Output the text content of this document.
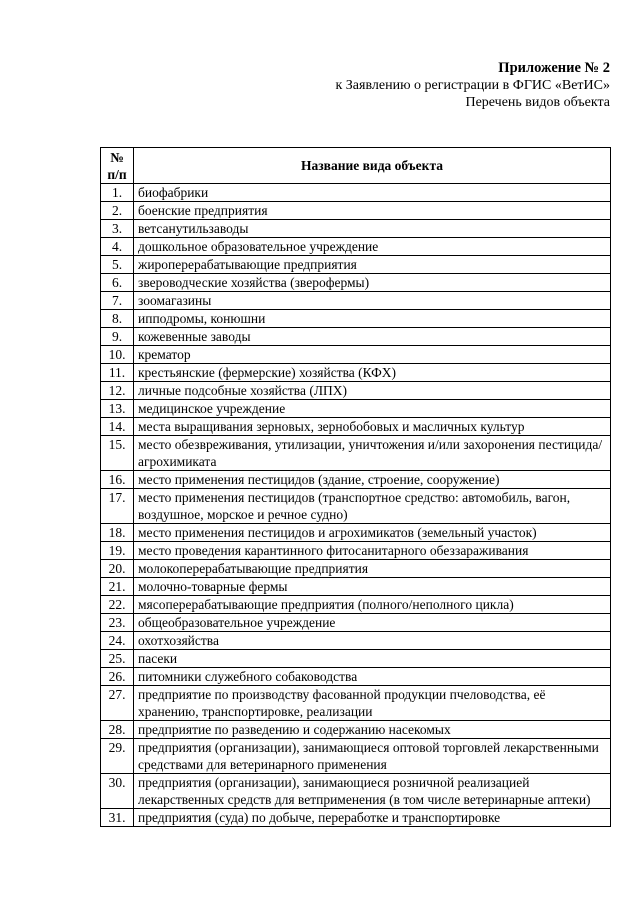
Приложение № 2
к Заявлению о регистрации в ФГИС «ВетИС»
Перечень видов объекта
№
п/п	Название вида объекта
1.	биофабрики
2.	боенские предприятия
3.	ветсанутильзаводы
4.	дошкольное образовательное учреждение
5.	жироперерабатывающие предприятия
6.	звероводческие хозяйства (зверофермы)
7.	зоомагазины
8.	ипподромы, конюшни
9.	кожевенные заводы
10.	крематор
11.	крестьянские (фермерские) хозяйства (КФХ)
12.	личные подсобные хозяйства (ЛПХ)
13.	медицинское учреждение
14.	места выращивания зерновых, зернобобовых и масличных культур
15.	место обезвреживания, утилизации, уничтожения и/или захоронения пестицида/агрохимиката
16.	место применения пестицидов (здание, строение, сооружение)
17.	место применения пестицидов (транспортное средство: автомобиль, вагон, воздушное, морское и речное судно)
18.	место применения пестицидов и агрохимикатов (земельный участок)
19.	место проведения карантинного фитосанитарного обеззараживания
20.	молокоперерабатывающие предприятия
21.	молочно-товарные фермы
22.	мясоперерабатывающие предприятия (полного/неполного цикла)
23.	общеобразовательное учреждение
24.	охотхозяйства
25.	пасеки
26.	питомники служебного собаководства
27.	предприятие по производству фасованной продукции пчеловодства, её хранению, транспортировке, реализации
28.	предприятие по разведению и содержанию насекомых
29.	предприятия (организации), занимающиеся оптовой торговлей лекарственными средствами для ветеринарного применения
30.	предприятия (организации), занимающиеся розничной реализацией лекарственных средств для ветприменения (в том числе ветеринарные аптеки)
31.	предприятия (суда) по добыче, переработке и транспортировке
